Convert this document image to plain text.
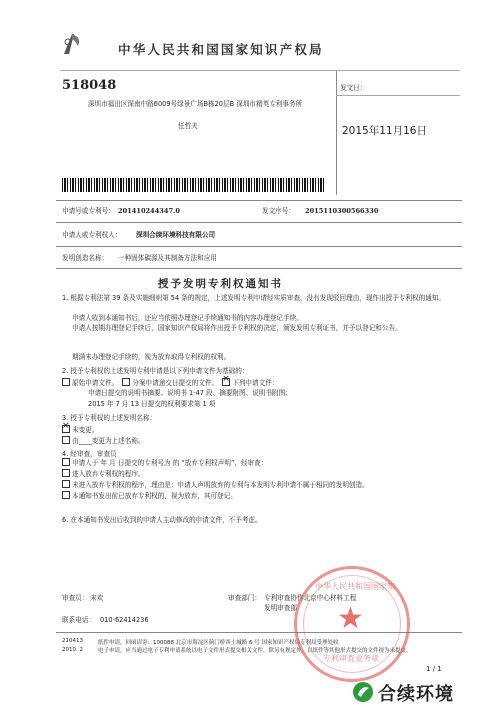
中华人民共和国国家知识产权局
518048
深圳市福田区深南中路6009号绿景广场B栋20层B 深圳市精英专利事务所
任哲夫
发文日：
2015年11月16日
申请号或专利号： 201410244347.0	发文序号： 2015110300566330
申请人或专利权人： 深圳合续环境科技有限公司
发明创造名称： 一种固体碳源及其制备方法和应用
授予发明专利权通知书
1. 根据专利法第 39 条及实施细则第 54 条的规定，上述发明专利申请经实质审查，没有发现驳回理由，现作出授予专利权的通知。
申请人收到本通知书后，还应当依照办理登记手续通知书的内容办理登记手续。
申请人按期办理登记手续后，国家知识产权局将作出授予专利权的决定，颁发发明专利证书，并予以登记和公告。
期满未办理登记手续的，视为放弃取得专利权的权利。
2. 授予专利权的上述发明专利申请是以下列申请文件为基础的：
原始申请文件。 分案申请递交日提交的文件。  × 下列申请文件：
申请日提交的说明书摘要、说明书 1-47 段、摘要附图、说明书附图；
2015 年 7 月 13 日提交的权利要求第 1 项
3. 授予专利权的上述发明名称：
×未变更。
由____变更为上述名称。
4. 经审查，审查员
申请人于 年 月 日提交的专利号为 的 “放弃专利权声明”，经审查：
进入放弃专利权的程序。
未进入放弃专利权的程序，理由是：申请人声明放弃的专利与本发明专利申请不属于相同的发明创造。
本通知书发出前已放弃专利权的，视为放弃，其可登记。
6. 在本通知书发出后收到的申请人主动修改的申请文件，不予考虑。
审查员： 宋欢	审查部门： 专利审查协作北京中心材料工程
发明审查部
联系电话： 010-62414236
210413
2010. 2
纸件申请，回函请寄：100088 北京市海淀区蓟门桥西土城路 6 号 国家知识产权局专利局受理处收
电子申请，应当通过电子专利申请系统以电子文件形式提交相关文件。除另有规定外，以纸件等其他形式提交的文件视为未提交。
1 / 1
★
中华人民共和国国家知
专利审查业务章
合续环境
